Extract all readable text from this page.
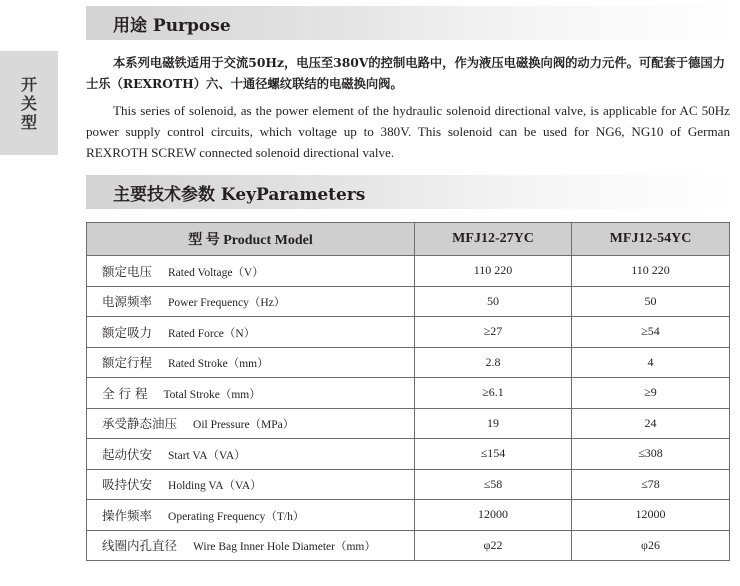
开
关
型
用途 Purpose
本系列电磁铁适用于交流50Hz，电压至380V的控制电路中，作为液压电磁换向阀的动力元件。可配套于德国力士乐（REXROTH）六、十通径螺纹联结的电磁换向阀。
This series of solenoid, as the power element of the hydraulic solenoid directional valve, is applicable for AC 50Hz power supply control circuits, which voltage up to 380V. This solenoid can be used for NG6, NG10 of German REXROTH SCREW connected solenoid directional valve.
主要技术参数 KeyParameters
型 号 Product Model	MFJ12-27YC	MFJ12-54YC
额定电压 Rated Voltage（V）	110 220	110 220
电源频率 Power Frequency（Hz）	50	50
额定吸力 Rated Force（N）	≥27	≥54
额定行程 Rated Stroke（mm）	2.8	4
全 行 程 Total Stroke（mm）	≥6.1	≥9
承受静态油压 Oil Pressure（MPa）	19	24
起动伏安 Start VA（VA）	≤154	≤308
吸持伏安 Holding VA（VA）	≤58	≤78
操作频率 Operating Frequency（T/h）	12000	12000
线圈内孔直径 Wire Bag Inner Hole Diameter（mm）	φ22	φ26
